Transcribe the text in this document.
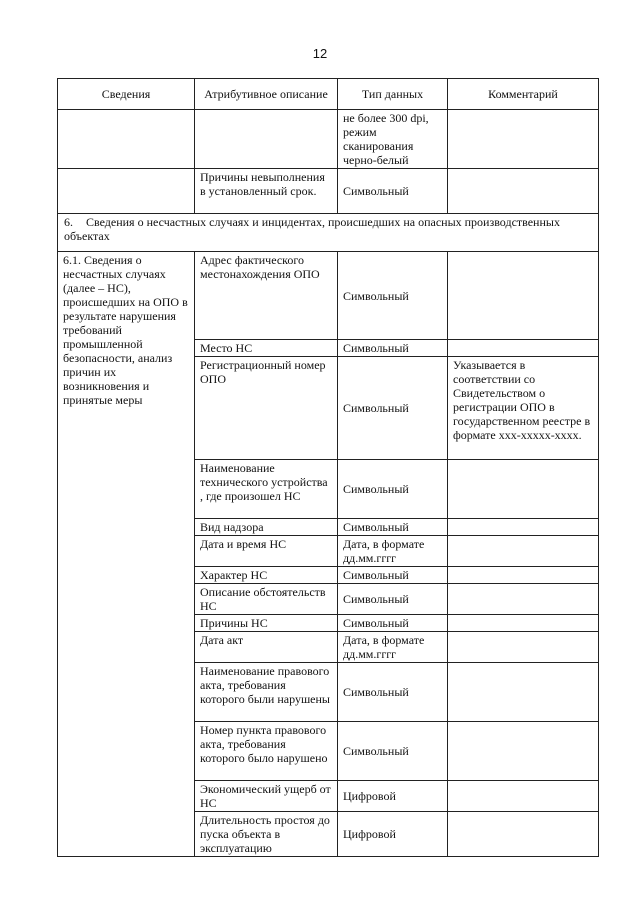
12
Сведения	Атрибутивное описание	Тип данных	Комментарий
		не более 300 dpi, режим сканирования черно-белый	
	Причины невыполнения в установленный срок.	Символьный	
6. Сведения о несчастных случаях и инцидентах, происшедших на опасных производственных объектах			
6.1. Сведения о несчастных случаях (далее – НС), происшедших на ОПО в результате нарушения требований промышленной безопасности, анализ причин их возникновения и принятые меры	Адрес фактического местонахождения ОПО	Символьный	
	Место НС	Символьный	
	Регистрационный номер ОПО	Символьный	Указывается в соответствии со Свидетельством о регистрации ОПО в государственном реестре в формате ххх-ххххх-хххх.
	Наименование технического устройства , где произошел НС	Символьный	
	Вид надзора	Символьный	
	Дата и время НС	Дата, в формате дд.мм.гггг	
	Характер НС	Символьный	
	Описание обстоятельств НС	Символьный	
	Причины НС	Символьный	
	Дата акт	Дата, в формате дд.мм.гггг	
	Наименование правового акта, требования которого были нарушены	Символьный	
	Номер пункта правового акта, требования которого было нарушено	Символьный	
	Экономический ущерб от НС	Цифровой	
	Длительность простоя до пуска объекта в эксплуатацию	Цифровой	
